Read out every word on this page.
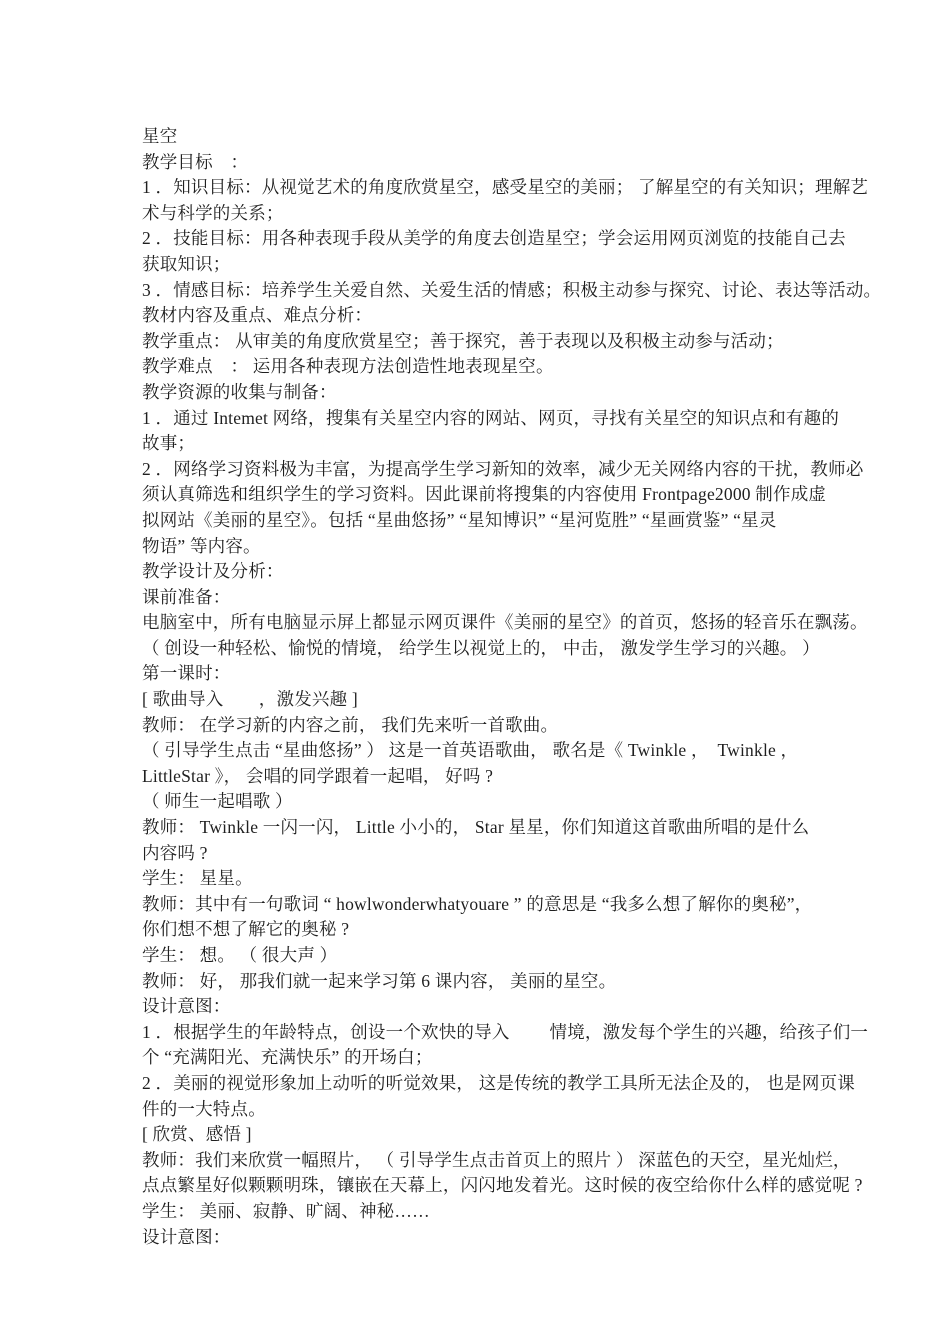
星空
教学目标　：
1 ．知识目标：从视觉艺术的角度欣赏星空，感受星空的美丽； 了解星空的有关知识；理解艺
术与科学的关系；
2 ．技能目标：用各种表现手段从美学的角度去创造星空；学会运用网页浏览的技能自己去
获取知识；
3 ．情感目标：培养学生关爱自然、关爱生活的情感；积极主动参与探究、讨论、表达等活动。
教材内容及重点、难点分析：
教学重点： 从审美的角度欣赏星空；善于探究，善于表现以及积极主动参与活动；
教学难点　： 运用各种表现方法创造性地表现星空。
教学资源的收集与制备：
1 ．通过 Intemet 网络，搜集有关星空内容的网站、网页，寻找有关星空的知识点和有趣的
故事；
2 ．网络学习资料极为丰富，为提高学生学习新知的效率，减少无关网络内容的干扰，教师必
须认真筛选和组织学生的学习资料。因此课前将搜集的内容使用 Frontpage2000 制作成虚
拟网站《美丽的星空》。包括 “星曲悠扬” “星知博识” “星河览胜” “星画赏鉴” “星灵
物语” 等内容。
教学设计及分析：
课前准备：
电脑室中，所有电脑显示屏上都显示网页课件《美丽的星空》的首页，悠扬的轻音乐在飘荡。
（ 创设一种轻松、愉悦的情境， 给学生以视觉上的， 中击， 激发学生学习的兴趣。 ）
第一课时：
[ 歌曲导入　　，激发兴趣 ]
教师： 在学习新的内容之前， 我们先来听一首歌曲。
（ 引导学生点击 “星曲悠扬” ） 这是一首英语歌曲， 歌名是《 Twinkle ，  Twinkle ，
LittleStar 》， 会唱的同学跟着一起唱， 好吗 ?
（ 师生一起唱歌 ）
教师： Twinkle 一闪一闪， Little 小小的， Star 星星，你们知道这首歌曲所唱的是什么
内容吗 ?
学生： 星星。
教师：其中有一句歌词 “ howlwonderwhatyouare ” 的意思是 “我多么想了解你的奥秘”，
你们想不想了解它的奥秘 ?
学生： 想。 （ 很大声 ）
教师： 好， 那我们就一起来学习第 6 课内容， 美丽的星空。
设计意图：
1 ．根据学生的年龄特点，创设一个欢快的导入　　 情境，激发每个学生的兴趣，给孩子们一
个 “充满阳光、充满快乐” 的开场白；
2 ．美丽的视觉形象加上动听的听觉效果， 这是传统的教学工具所无法企及的， 也是网页课
件的一大特点。
[ 欣赏、感悟 ]
教师：我们来欣赏一幅照片， （ 引导学生点击首页上的照片 ） 深蓝色的天空，星光灿烂，
点点繁星好似颗颗明珠，镶嵌在天幕上，闪闪地发着光。这时候的夜空给你什么样的感觉呢 ?
学生： 美丽、寂静、旷阔、神秘……
设计意图：
